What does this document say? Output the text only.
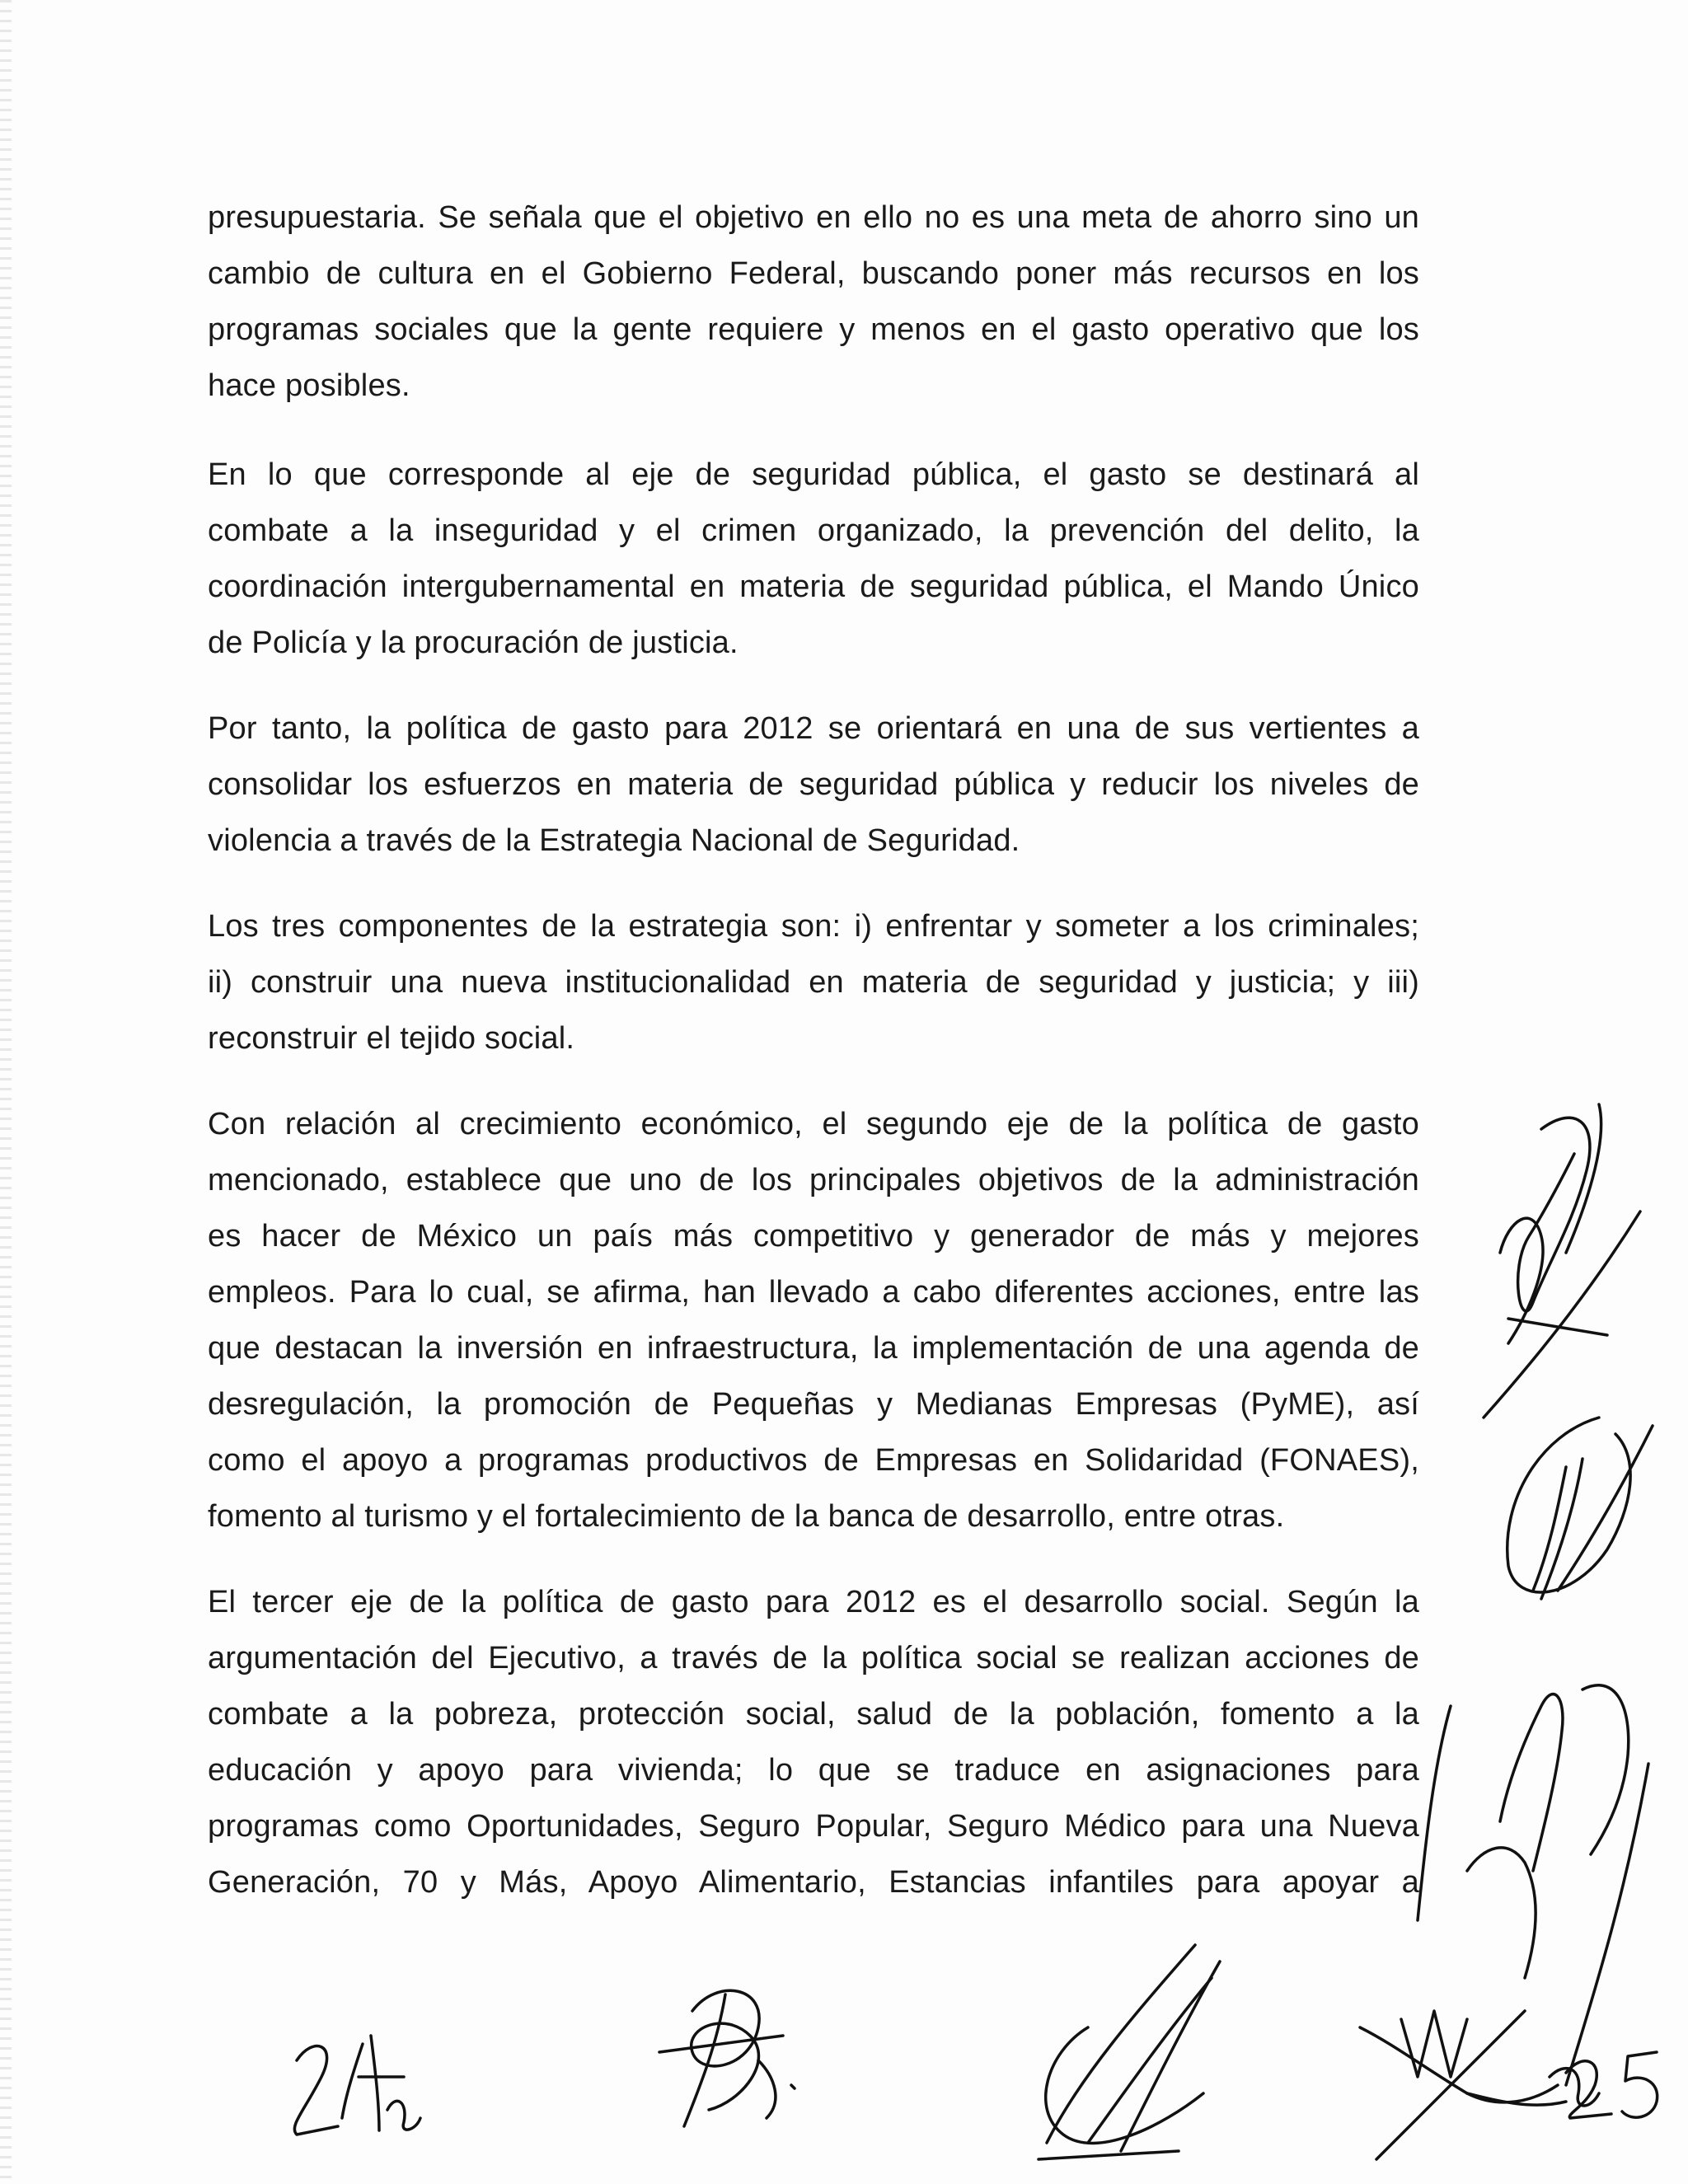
presupuestaria. Se señala que el objetivo en ello no es una meta de ahorro sino un
cambio de cultura en el Gobierno Federal, buscando poner más recursos en los
programas sociales que la gente requiere y menos en el gasto operativo que los
hace posibles.

En lo que corresponde al eje de seguridad pública, el gasto se destinará al
combate a la inseguridad y el crimen organizado, la prevención del delito, la
coordinación intergubernamental en materia de seguridad pública, el Mando Único
de Policía y la procuración de justicia.

Por tanto, la política de gasto para 2012 se orientará en una de sus vertientes a
consolidar los esfuerzos en materia de seguridad pública y reducir los niveles de
violencia a través de la Estrategia Nacional de Seguridad.

Los tres componentes de la estrategia son: i) enfrentar y someter a los criminales;
ii) construir una nueva institucionalidad en materia de seguridad y justicia; y iii)
reconstruir el tejido social.

Con relación al crecimiento económico, el segundo eje de la política de gasto
mencionado, establece que uno de los principales objetivos de la administración
es hacer de México un país más competitivo y generador de más y mejores
empleos. Para lo cual, se afirma, han llevado a cabo diferentes acciones, entre las
que destacan la inversión en infraestructura, la implementación de una agenda de
desregulación, la promoción de Pequeñas y Medianas Empresas (PyME), así
como el apoyo a programas productivos de Empresas en Solidaridad (FONAES),
fomento al turismo y el fortalecimiento de la banca de desarrollo, entre otras.

El tercer eje de la política de gasto para 2012 es el desarrollo social. Según la
argumentación del Ejecutivo, a través de la política social se realizan acciones de
combate a la pobreza, protección social, salud de la población, fomento a la
educación y apoyo para vivienda; lo que se traduce en asignaciones para
programas como Oportunidades, Seguro Popular, Seguro Médico para una Nueva
Generación, 70 y Más, Apoyo Alimentario, Estancias infantiles para apoyar a
